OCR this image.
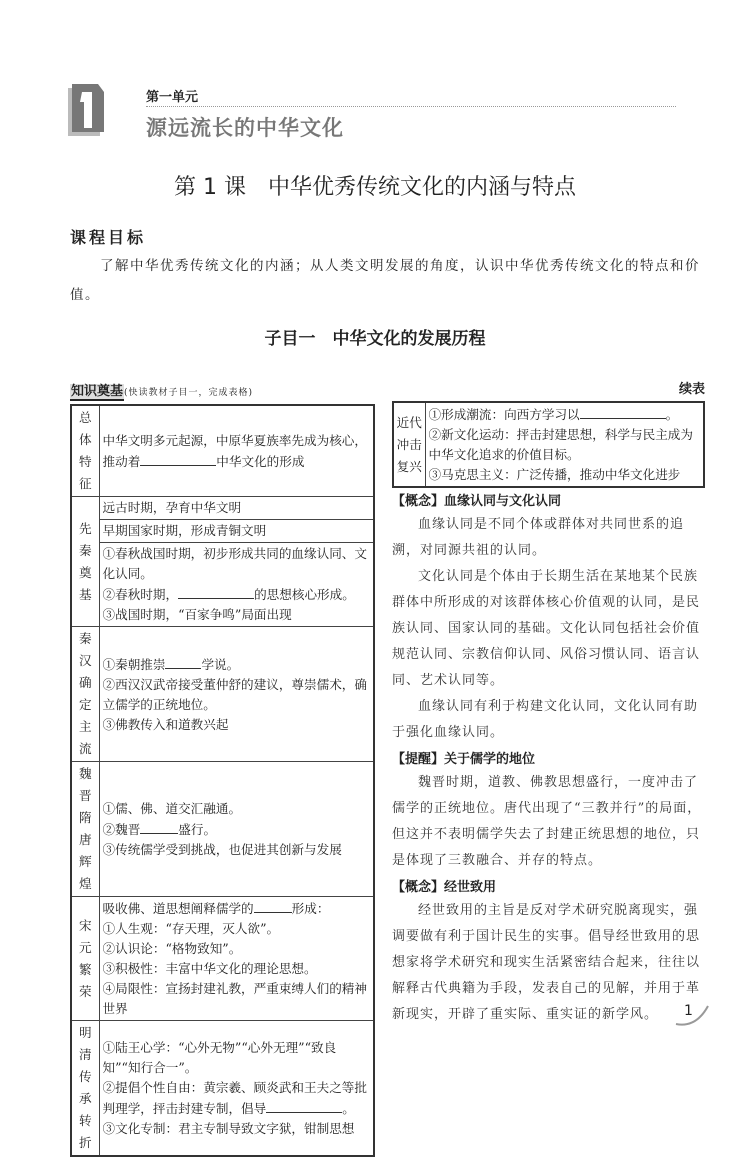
第一单元
源远流长的中华文化
第 1 课　中华优秀传统文化的内涵与特点
课程目标
了解中华优秀传统文化的内涵；从人类文明发展的角度，认识中华优秀传统文化的特点和价值。
子目一　中华文化的发展历程
知识奠基(快读教材子目一，完成表格)
总体特征	中华文明多元起源，中原华夏族率先成为核心，推动着 中华文化的形成
先秦奠基	远古时期，孕育中华文明
	早期国家时期，形成青铜文明

	①春秋战国时期，初步形成共同的血缘认同、文化认同。
②春秋时期， 的思想核心形成。
③战国时期，“百家争鸣”局面出现

秦汉确定主流	①秦朝推崇 学说。
②西汉汉武帝接受董仲舒的建议，尊崇儒术，确立儒学的正统地位。
③佛教传入和道教兴起

魏晋隋唐辉煌	①儒、佛、道交汇融通。
②魏晋 盛行。
③传统儒学受到挑战，也促进其创新与发展

宋元繁荣	吸收佛、道思想阐释儒学的 形成：
①人生观：“存天理，灭人欲”。
②认识论：“格物致知”。
③积极性：丰富中华文化的理论思想。
④局限性：宣扬封建礼教，严重束缚人们的精神世界

明清传承转折	①陆王心学：“心外无物”“心外无理”“致良知”“知行合一”。
②提倡个性自由：黄宗羲、顾炎武和王夫之等批判理学，抨击封建专制，倡导 。
③文化专制：君主专制导致文字狱，钳制思想
续表
近代冲击复兴	
①形成潮流：向西方学习以	。
②新文化运动：抨击封建思想，科学与民主成为中华文化追求的价值目标。
③马克思主义：广泛传播，推动中华文化进步
【概念】血缘认同与文化认同
血缘认同是不同个体或群体对共同世系的追溯，对同源共祖的认同。
文化认同是个体由于长期生活在某地某个民族群体中所形成的对该群体核心价值观的认同，是民族认同、国家认同的基础。文化认同包括社会价值规范认同、宗教信仰认同、风俗习惯认同、语言认同、艺术认同等。
血缘认同有利于构建文化认同，文化认同有助于强化血缘认同。
【提醒】关于儒学的地位
魏晋时期，道教、佛教思想盛行，一度冲击了儒学的正统地位。唐代出现了“三教并行”的局面，但这并不表明儒学失去了封建正统思想的地位，只是体现了三教融合、并存的特点。
【概念】经世致用
经世致用的主旨是反对学术研究脱离现实，强调要做有利于国计民生的实事。倡导经世致用的思想家将学术研究和现实生活紧密结合起来，往往以解释古代典籍为手段，发表自己的见解，并用于革新现实，开辟了重实际、重实证的新学风。	1
